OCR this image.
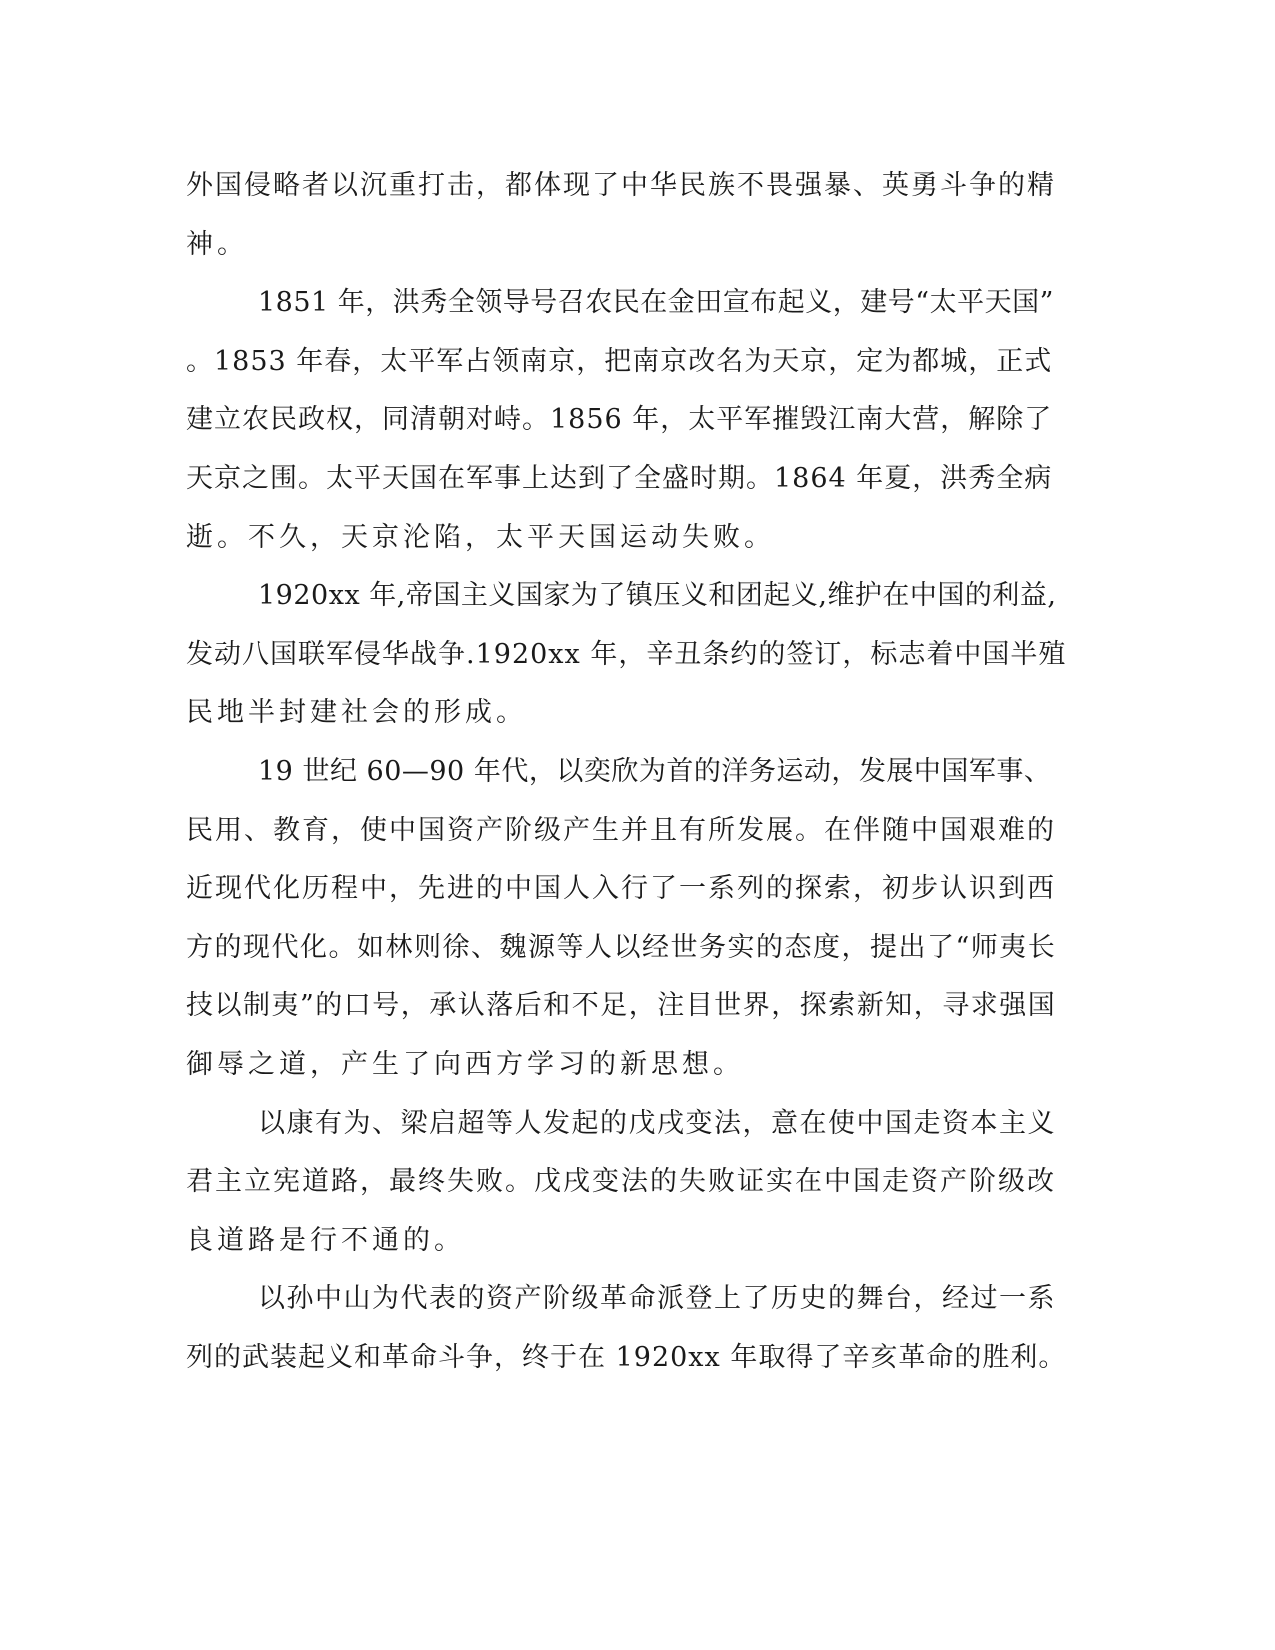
外国侵略者以沉重打击，都体现了中华民族不畏强暴、英勇斗争的精
神。
1851 年，洪秀全领导号召农民在金田宣布起义，建号“太平天国”
。1853 年春，太平军占领南京，把南京改名为天京，定为都城，正式
建立农民政权，同清朝对峙。1856 年，太平军摧毁江南大营，解除了
天京之围。太平天国在军事上达到了全盛时期。1864 年夏，洪秀全病
逝。不久，天京沦陷，太平天国运动失败。
1920xx 年,帝国主义国家为了镇压义和团起义,维护在中国的利益,
发动八国联军侵华战争.1920xx 年，辛丑条约的签订，标志着中国半殖
民地半封建社会的形成。
19 世纪 60—90 年代，以奕欣为首的洋务运动，发展中国军事、
民用、教育，使中国资产阶级产生并且有所发展。在伴随中国艰难的
近现代化历程中，先进的中国人入行了一系列的探索，初步认识到西
方的现代化。如林则徐、魏源等人以经世务实的态度，提出了“师夷长
技以制夷”的口号，承认落后和不足，注目世界，探索新知，寻求强国
御辱之道，产生了向西方学习的新思想。
以康有为、梁启超等人发起的戊戌变法，意在使中国走资本主义
君主立宪道路，最终失败。戊戌变法的失败证实在中国走资产阶级改
良道路是行不通的。
以孙中山为代表的资产阶级革命派登上了历史的舞台，经过一系
列的武装起义和革命斗争，终于在 1920xx 年取得了辛亥革命的胜利。
